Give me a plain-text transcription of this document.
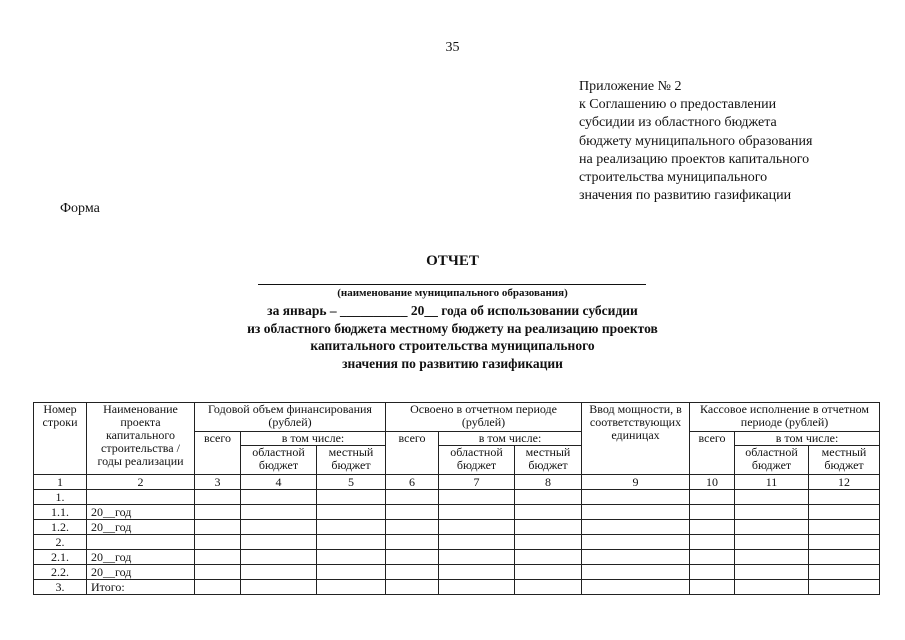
35
Приложение № 2
к Соглашению о предоставлении
субсидии из областного бюджета
бюджету муниципального образования
на реализацию проектов капитального
строительства муниципального
значения по развитию газификации
Форма
ОТЧЕТ
(наименование муниципального образования)
за январь – __________ 20__ года об использовании субсидии
из областного бюджета местному бюджету на реализацию проектов
капитального строительства муниципального
значения по развитию газификации
Номер строки	Наименование проекта капитального строительства / годы реализации	Годовой объем финансирования (рублей)			Освоено в отчетном периоде (рублей)			Ввод мощности, в соответствующих единицах	Кассовое исполнение в отчетном периоде (рублей)		
		всего	в том числе:		всего	в том числе:			всего	в том числе:	
			областной бюджет	местный бюджет		областной бюджет	местный бюджет			областной бюджет	местный бюджет
1	2	3	4	5	6	7	8	9	10	11	12
1.											
1.1.	20__год										
1.2.	20__год										
2.											
2.1.	20__год										
2.2.	20__год										
3.	Итого:										
